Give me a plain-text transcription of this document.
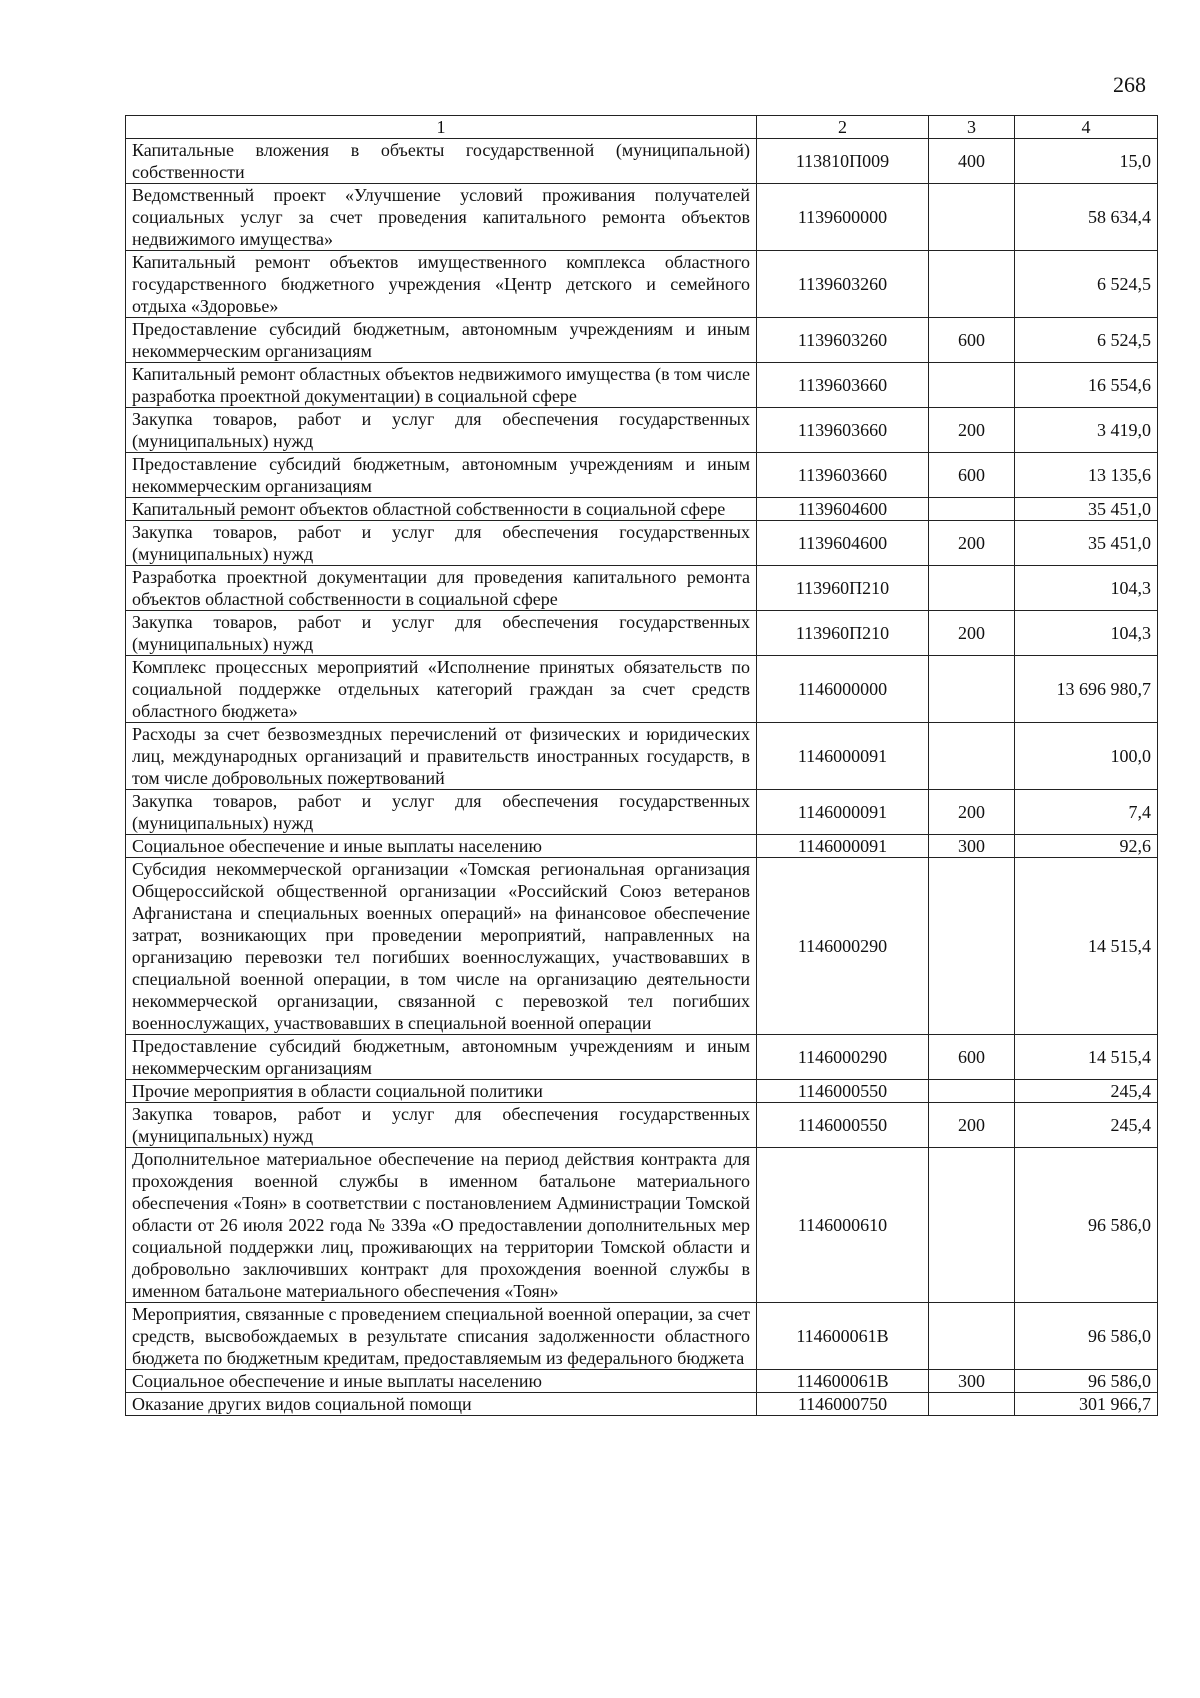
268
1	2	3	4
Капитальные вложения в объекты государственной (муниципальной) собственности	113810П009	400	15,0
Ведомственный проект «Улучшение условий проживания получателей социальных услуг за счет проведения капитального ремонта объектов недвижимого имущества»	1139600000		58 634,4
Капитальный ремонт объектов имущественного комплекса областного государственного бюджетного учреждения «Центр детского и семейного отдыха «Здоровье»	1139603260		6 524,5
Предоставление субсидий бюджетным, автономным учреждениям и иным некоммерческим организациям	1139603260	600	6 524,5
Капитальный ремонт областных объектов недвижимого имущества (в том числе разработка проектной документации) в социальной сфере	1139603660		16 554,6
Закупка товаров, работ и услуг для обеспечения государственных (муниципальных) нужд	1139603660	200	3 419,0
Предоставление субсидий бюджетным, автономным учреждениям и иным некоммерческим организациям	1139603660	600	13 135,6
Капитальный ремонт объектов областной собственности в социальной сфере	1139604600		35 451,0
Закупка товаров, работ и услуг для обеспечения государственных (муниципальных) нужд	1139604600	200	35 451,0
Разработка проектной документации для проведения капитального ремонта объектов областной собственности в социальной сфере	113960П210		104,3
Закупка товаров, работ и услуг для обеспечения государственных (муниципальных) нужд	113960П210	200	104,3
Комплекс процессных мероприятий «Исполнение принятых обязательств по социальной поддержке отдельных категорий граждан за счет средств областного бюджета»	1146000000		13 696 980,7
Расходы за счет безвозмездных перечислений от физических и юридических лиц, международных организаций и правительств иностранных государств, в том числе добровольных пожертвований	1146000091		100,0
Закупка товаров, работ и услуг для обеспечения государственных (муниципальных) нужд	1146000091	200	7,4
Социальное обеспечение и иные выплаты населению	1146000091	300	92,6
Субсидия некоммерческой организации «Томская региональная организация Общероссийской общественной организации «Российский Союз ветеранов Афганистана и специальных военных операций» на финансовое обеспечение затрат, возникающих при проведении мероприятий, направленных на организацию перевозки тел погибших военнослужащих, участвовавших в специальной военной операции, в том числе на организацию деятельности некоммерческой организации, связанной с перевозкой тел погибших военнослужащих, участвовавших в специальной военной операции	1146000290		14 515,4
Предоставление субсидий бюджетным, автономным учреждениям и иным некоммерческим организациям	1146000290	600	14 515,4
Прочие мероприятия в области социальной политики	1146000550		245,4
Закупка товаров, работ и услуг для обеспечения государственных (муниципальных) нужд	1146000550	200	245,4
Дополнительное материальное обеспечение на период действия контракта для прохождения военной службы в именном батальоне материального обеспечения «Тоян» в соответствии с постановлением Администрации Томской области от 26 июля 2022 года № 339а «О предоставлении дополнительных мер социальной поддержки лиц, проживающих на территории Томской области и добровольно заключивших контракт для прохождения военной службы в именном батальоне материального обеспечения «Тоян»	1146000610		96 586,0
Мероприятия, связанные с проведением специальной военной операции, за счет средств, высвобождаемых в результате списания задолженности областного бюджета по бюджетным кредитам, предоставляемым из федерального бюджета	114600061В		96 586,0
Социальное обеспечение и иные выплаты населению	114600061В	300	96 586,0
Оказание других видов социальной помощи	1146000750		301 966,7
